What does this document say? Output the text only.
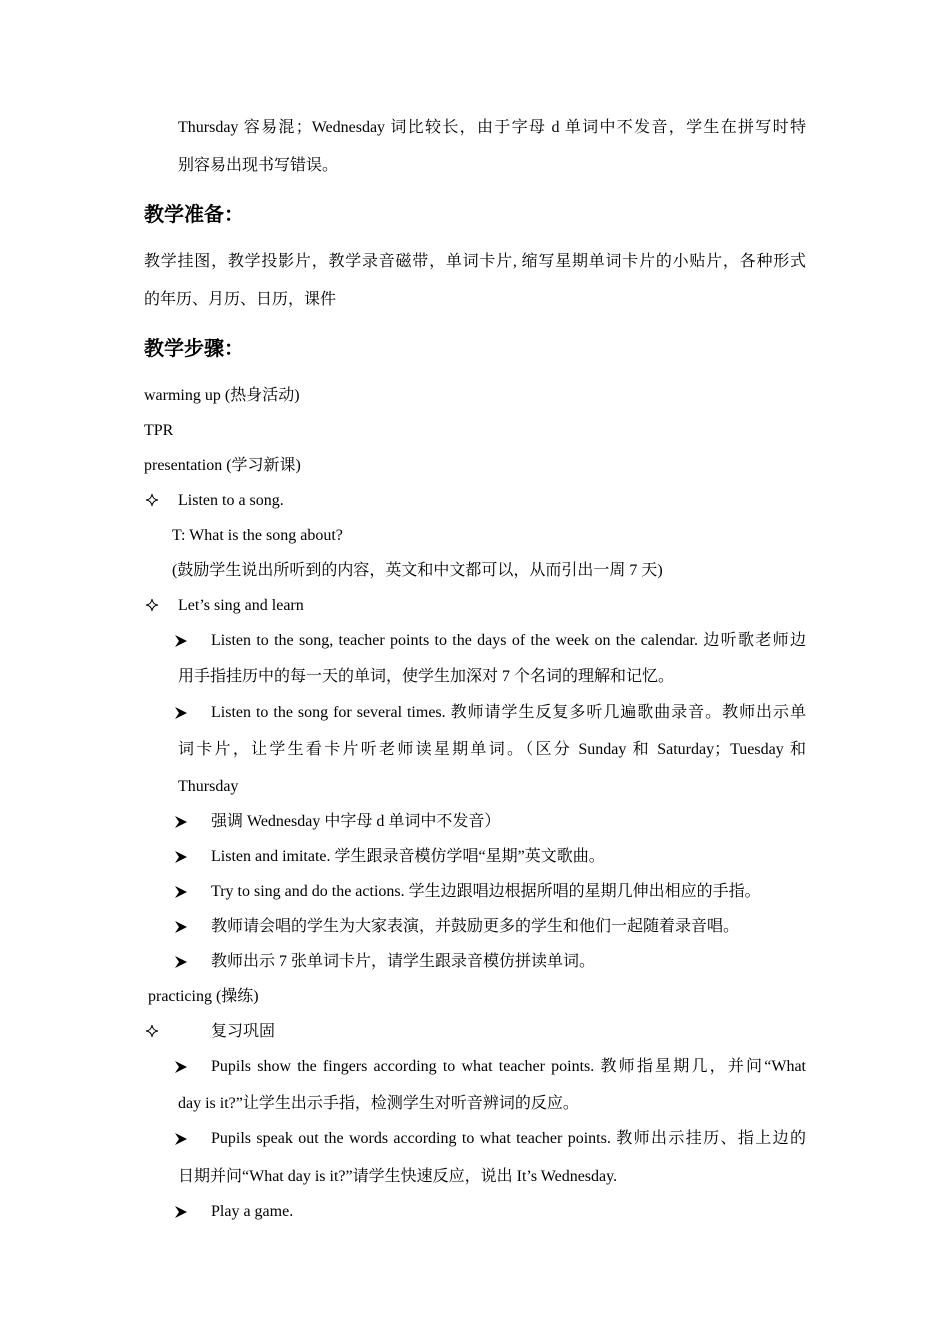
Thursday 容易混；Wednesday 词比较长，由于字母 d 单词中不发音，学生在拼写时特
别容易出现书写错误。
教学准备：
教学挂图，教学投影片，教学录音磁带，单词卡片, 缩写星期单词卡片的小贴片，各种形式
的年历、月历、日历，课件
教学步骤：
warming up (热身活动)
TPR
presentation (学习新课)
Listen to a song.
T: What is the song about?
(鼓励学生说出所听到的内容，英文和中文都可以，从而引出一周 7 天)
Let’s sing and learn
Listen to the song, teacher points to the days of the week on the calendar. 边听歌老师边
用手指挂历中的每一天的单词，使学生加深对 7 个名词的理解和记忆。
Listen to the song for several times. 教师请学生反复多听几遍歌曲录音。教师出示单
词卡片，让学生看卡片听老师读星期单词。（区分 Sunday 和 Saturday；Tuesday 和
Thursday
强调 Wednesday 中字母 d 单词中不发音）
Listen and imitate. 学生跟录音模仿学唱“星期”英文歌曲。
Try to sing and do the actions. 学生边跟唱边根据所唱的星期几伸出相应的手指。
教师请会唱的学生为大家表演，并鼓励更多的学生和他们一起随着录音唱。
教师出示 7 张单词卡片，请学生跟录音模仿拼读单词。
practicing (操练)
复习巩固
Pupils show the fingers according to what teacher points. 教师指星期几，并问“What
day is it?”让学生出示手指，检测学生对听音辨词的反应。
Pupils speak out the words according to what teacher points. 教师出示挂历、指上边的
日期并问“What day is it?”请学生快速反应，说出 It’s Wednesday.
Play a game.
